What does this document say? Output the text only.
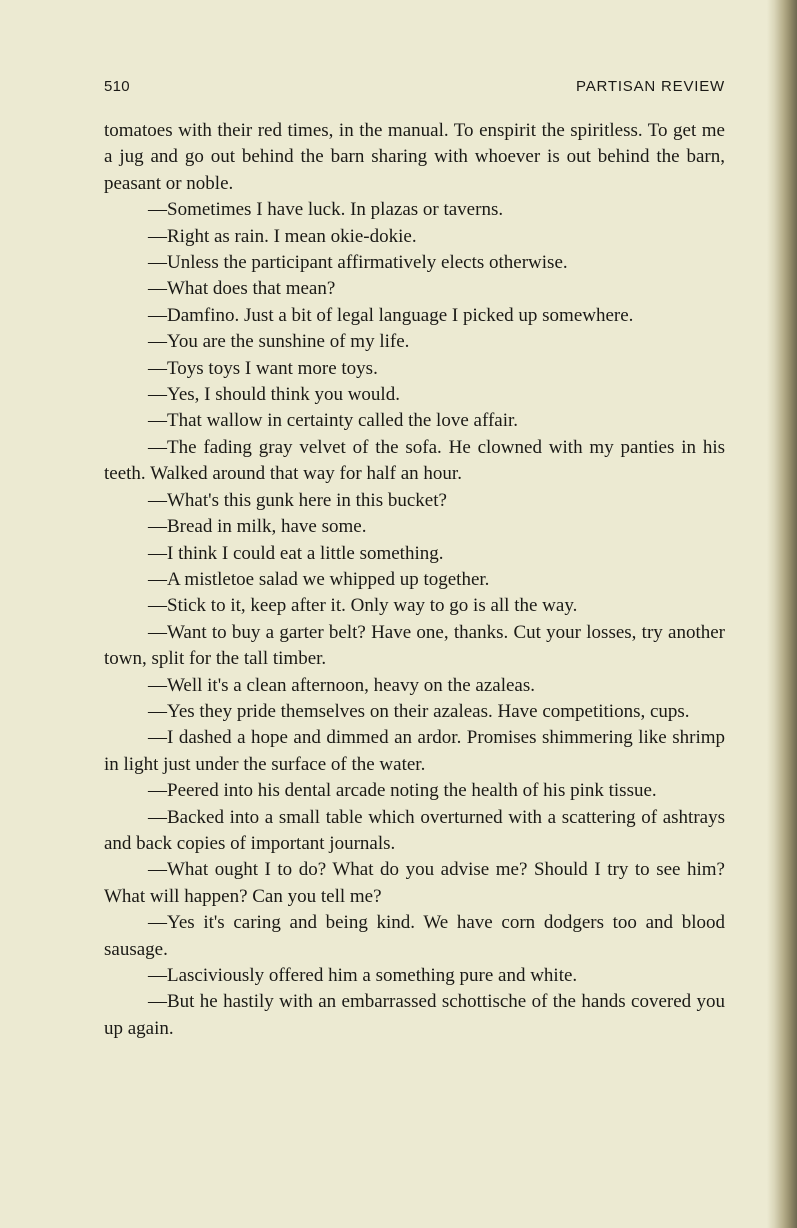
510	PARTISAN REVIEW

tomatoes with their red times, in the manual. To enspirit the spiritless. To get me a jug and go out behind the barn sharing with whoever is out behind the barn, peasant or noble.

—Sometimes I have luck. In plazas or taverns.

—Right as rain. I mean okie-dokie.

—Unless the participant affirmatively elects otherwise.

—What does that mean?

—Damfino. Just a bit of legal language I picked up somewhere.

—You are the sunshine of my life.

—Toys toys I want more toys.

—Yes, I should think you would.

—That wallow in certainty called the love affair.

—The fading gray velvet of the sofa. He clowned with my panties in his teeth. Walked around that way for half an hour.

—What's this gunk here in this bucket?

—Bread in milk, have some.

—I think I could eat a little something.

—A mistletoe salad we whipped up together.

—Stick to it, keep after it. Only way to go is all the way.

—Want to buy a garter belt? Have one, thanks. Cut your losses, try another town, split for the tall timber.

—Well it's a clean afternoon, heavy on the azaleas.

—Yes they pride themselves on their azaleas. Have competitions, cups.

—I dashed a hope and dimmed an ardor. Promises shimmering like shrimp in light just under the surface of the water.

—Peered into his dental arcade noting the health of his pink tissue.

—Backed into a small table which overturned with a scattering of ashtrays and back copies of important journals.

—What ought I to do? What do you advise me? Should I try to see him? What will happen? Can you tell me?

—Yes it's caring and being kind. We have corn dodgers too and blood sausage.

—Lasciviously offered him a something pure and white.

—But he hastily with an embarrassed schottische of the hands covered you up again.
